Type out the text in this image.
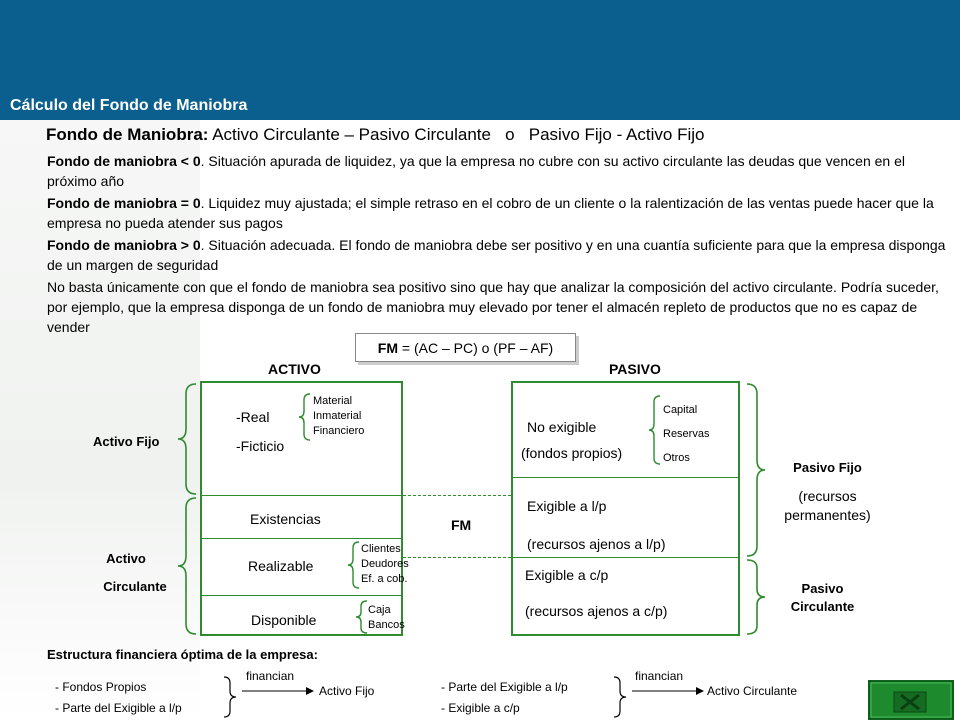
Cálculo del Fondo de Maniobra
Fondo de Maniobra: Activo Circulante – Pasivo Circulante   o   Pasivo Fijo - Activo Fijo
Fondo de maniobra < 0. Situación apurada de liquidez, ya que la empresa no cubre con su activo circulante las deudas que vencen en el próximo año
Fondo de maniobra = 0. Liquidez muy ajustada; el simple retraso en el cobro de un cliente o la ralentización de las ventas puede hacer que la empresa no pueda atender sus pagos
Fondo de maniobra > 0. Situación adecuada. El fondo de maniobra debe ser positivo y en una cuantía suficiente para que la empresa disponga de un margen de seguridad
No basta únicamente con que el fondo de maniobra sea positivo sino que hay que analizar la composición del activo circulante. Podría suceder, por ejemplo, que la empresa disponga de un fondo de maniobra muy elevado por tener el almacén repleto de productos que no es capaz de vender
FM = (AC – PC) o (PF – AF)
ACTIVO	PASIVO
-Real
-Ficticio
Material
Inmaterial
Financiero
Existencias
Realizable
Clientes
Deudores
Ef. a cob.
Disponible
Caja
Bancos
No exigible
(fondos propios)
Capital
Reservas
Otros
Exigible a l/p
(recursos ajenos a l/p)
Exigible a c/p
(recursos ajenos a c/p)
FM
Activo Fijo
Activo
Circulante
Pasivo Fijo
(recursos
permanentes)
Pasivo
Circulante
Estructura financiera óptima de la empresa:
- Fondos Propios
- Parte del Exigible a l/p
financian
Activo Fijo	- Parte del Exigible a l/p
- Exigible a c/p
financian
Activo Circulante
